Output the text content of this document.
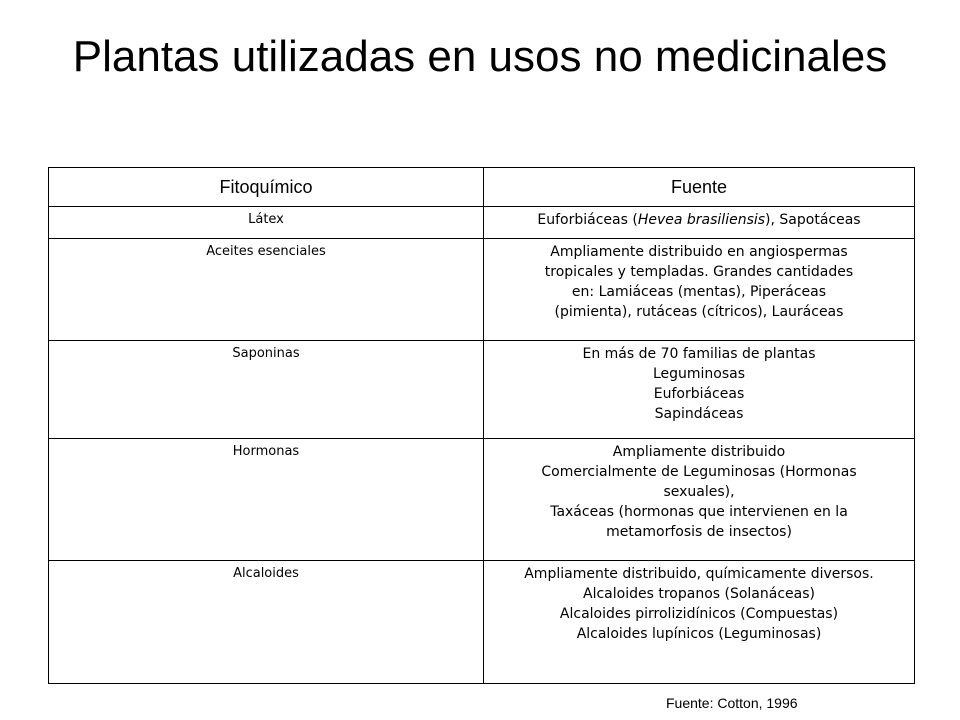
Plantas utilizadas en usos no medicinales
Fitoquímico	Fuente
Látex	Euforbiáceas (Hevea brasiliensis), Sapotáceas
Aceites esenciales	Ampliamente distribuido en angiospermas
tropicales y templadas. Grandes cantidades
en: Lamiáceas (mentas), Piperáceas
(pimienta), rutáceas (cítricos), Lauráceas

Saponinas	En más de 70 familias de plantas
Leguminosas
Euforbiáceas
Sapindáceas

Hormonas	Ampliamente distribuido
Comercialmente de Leguminosas (Hormonas
sexuales),
Taxáceas (hormonas que intervienen en la
metamorfosis de insectos)

Alcaloides	Ampliamente distribuido, químicamente diversos.
Alcaloides tropanos (Solanáceas)
Alcaloides pirrolizidínicos (Compuestas)
Alcaloides lupínicos (Leguminosas)
Fuente: Cotton, 1996
